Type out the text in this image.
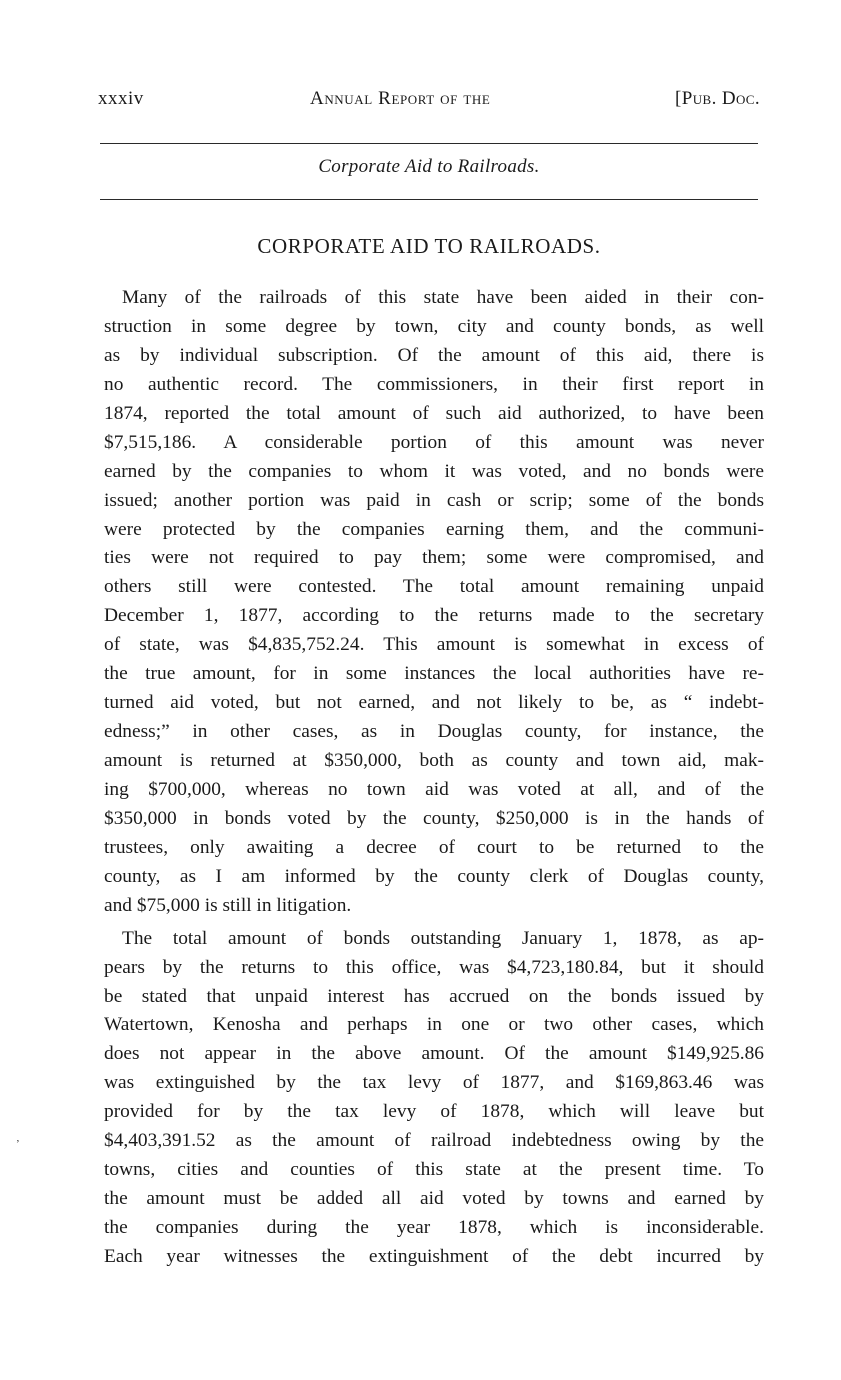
xxxiv	Annual Report of the	[Pub. Doc.
Corporate Aid to Railroads.
CORPORATE AID TO RAILROADS.
Many of the railroads of this state have been aided in their con-
struction in some degree by town, city and county bonds, as well
as by individual subscription. Of the amount of this aid, there is
no authentic record. The commissioners, in their first report in
1874, reported the total amount of such aid authorized, to have been
$7,515,186. A considerable portion of this amount was never
earned by the companies to whom it was voted, and no bonds were
issued; another portion was paid in cash or scrip; some of the bonds
were protected by the companies earning them, and the communi-
ties were not required to pay them; some were compromised, and
others still were contested. The total amount remaining unpaid
December 1, 1877, according to the returns made to the secretary
of state, was $4,835,752.24. This amount is somewhat in excess of
the true amount, for in some instances the local authorities have re-
turned aid voted, but not earned, and not likely to be, as “ indebt-
edness;” in other cases, as in Douglas county, for instance, the
amount is returned at $350,000, both as county and town aid, mak-
ing $700,000, whereas no town aid was voted at all, and of the
$350,000 in bonds voted by the county, $250,000 is in the hands of
trustees, only awaiting a decree of court to be returned to the
county, as I am informed by the county clerk of Douglas county,
and $75,000 is still in litigation.
The total amount of bonds outstanding January 1, 1878, as ap-
pears by the returns to this office, was $4,723,180.84, but it should
be stated that unpaid interest has accrued on the bonds issued by
Watertown, Kenosha and perhaps in one or two other cases, which
does not appear in the above amount. Of the amount $149,925.86
was extinguished by the tax levy of 1877, and $169,863.46 was
provided for by the tax levy of 1878, which will leave but
$4,403,391.52 as the amount of railroad indebtedness owing by the
towns, cities and counties of this state at the present time. To
the amount must be added all aid voted by towns and earned by
the companies during the year 1878, which is inconsiderable.
Each year witnesses the extinguishment of the debt incurred by
‚
